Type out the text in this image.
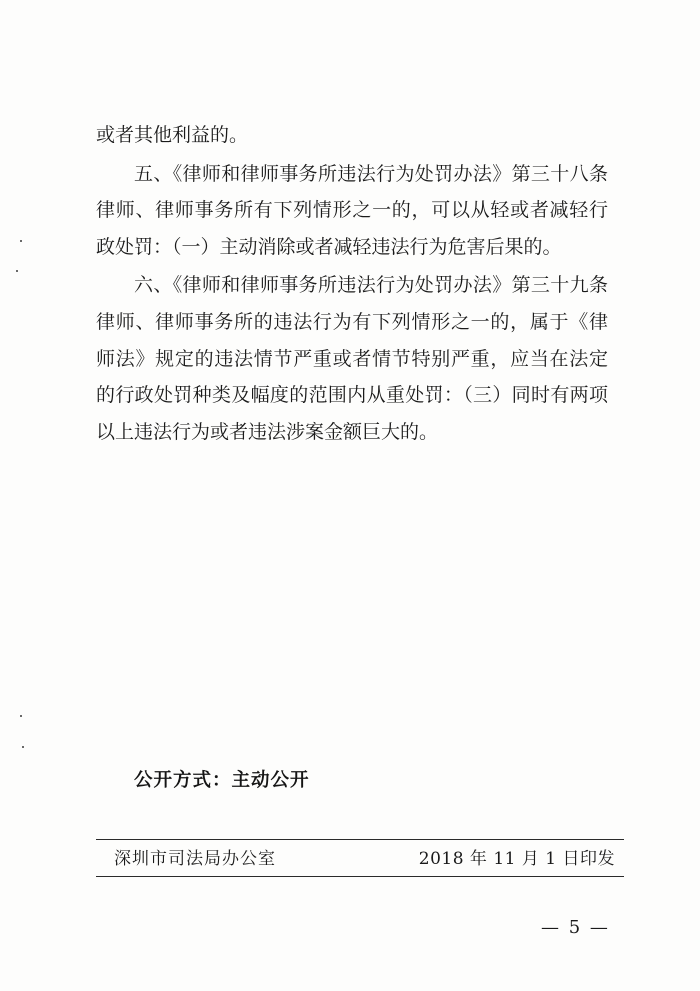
或者其他利益的。

五、《律师和律师事务所违法行为处罚办法》第三十八条 律师、律师事务所有下列情形之一的，可以从轻或者减轻行政处罚：（一）主动消除或者减轻违法行为危害后果的。

六、《律师和律师事务所违法行为处罚办法》第三十九条 律师、律师事务所的违法行为有下列情形之一的，属于《律师法》规定的违法情节严重或者情节特别严重，应当在法定的行政处罚种类及幅度的范围内从重处罚：（三）同时有两项以上违法行为或者违法涉案金额巨大的。

公开方式：主动公开
深圳市司法局办公室	2018 年 11 月 1 日印发
— 5 —
